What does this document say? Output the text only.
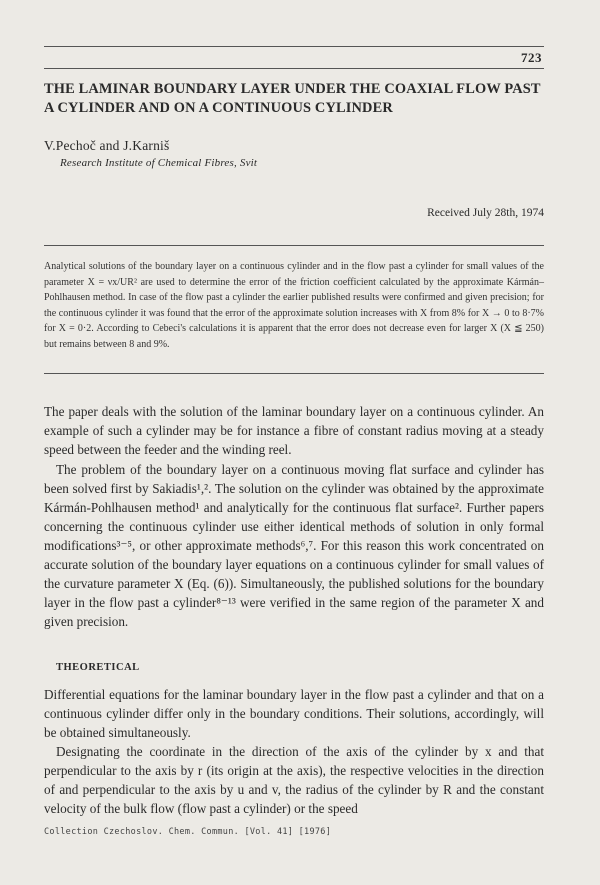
723
THE LAMINAR BOUNDARY LAYER UNDER THE COAXIAL FLOW PAST
A CYLINDER AND ON A CONTINUOUS CYLINDER
V.Pechoč and J.Karniš
Research Institute of Chemical Fibres, Svit
Received July 28th, 1974

Analytical solutions of the boundary layer on a continuous cylinder and in the flow past a cylinder for small values of the parameter X = νx/UR² are used to determine the error of the friction coefficient calculated by the approximate Kármán–Pohlhausen method. In case of the flow past a cylinder the earlier published results were confirmed and given precision; for the continuous cylinder it was found that the error of the approximate solution increases with X from 8% for X → 0 to 8·7% for X = 0·2. According to Cebeci's calculations it is apparent that the error does not decrease even for larger X (X ≦ 250) but remains between 8 and 9%.

The paper deals with the solution of the laminar boundary layer on a continuous cylinder. An example of such a cylinder may be for instance a fibre of constant radius moving at a steady speed between the feeder and the winding reel.

The problem of the boundary layer on a continuous moving flat surface and cylinder has been solved first by Sakiadis¹,². The solution on the cylinder was obtained by the approximate Kármán-Pohlhausen method¹ and analytically for the continuous flat surface². Further papers concerning the continuous cylinder use either identical methods of solution in only formal modifications³⁻⁵, or other approximate methods⁶,⁷. For this reason this work concentrated on accurate solution of the boundary layer equations on a continuous cylinder for small values of the curvature parameter X (Eq. (6)). Simultaneously, the published solutions for the boundary layer in the flow past a cylinder⁸⁻¹³ were verified in the same region of the parameter X and given precision.

THEORETICAL

Differential equations for the laminar boundary layer in the flow past a cylinder and that on a continuous cylinder differ only in the boundary conditions. Their solutions, accordingly, will be obtained simultaneously.

Designating the coordinate in the direction of the axis of the cylinder by x and that perpendicular to the axis by r (its origin at the axis), the respective velocities in the direction of and perpendicular to the axis by u and v, the radius of the cylinder by R and the constant velocity of the bulk flow (flow past a cylinder) or the speed

Collection Czechoslov. Chem. Commun. [Vol. 41] [1976]
